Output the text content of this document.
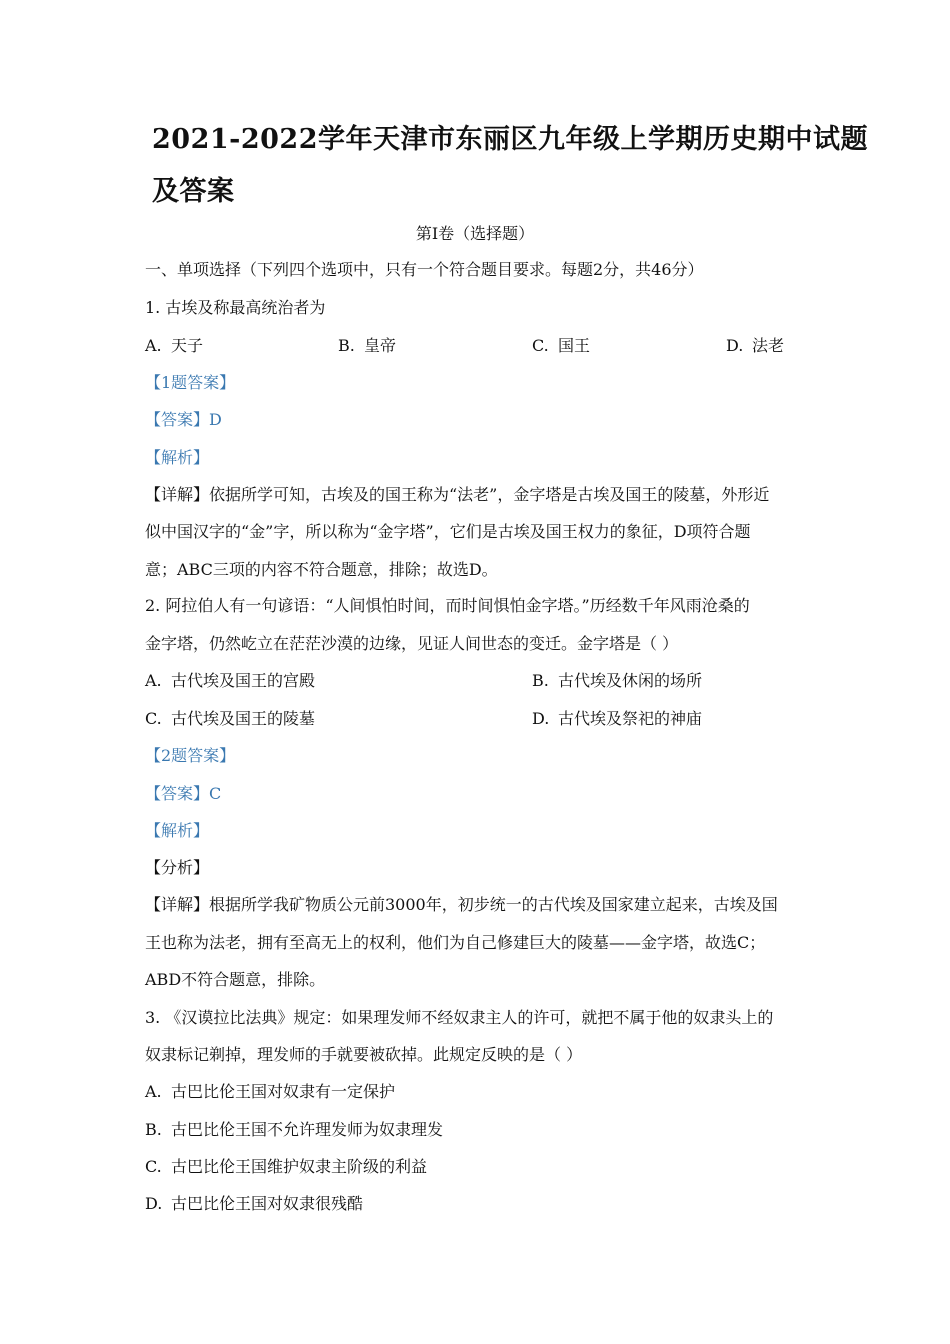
2021-2022学年天津市东丽区九年级上学期历史期中试题
及答案
第Ⅰ卷（选择题）
一、单项选择（下列四个选项中，只有一个符合题目要求。每题2分，共46分）
1. 古埃及称最高统治者为
A. 天子	B. 皇帝	C. 国王	D. 法老
【1题答案】
【答案】D
【解析】
【详解】依据所学可知，古埃及的国王称为“法老”，金字塔是古埃及国王的陵墓，外形近
似中国汉字的“金”字，所以称为“金字塔”，它们是古埃及国王权力的象征，D项符合题
意；ABC三项的内容不符合题意，排除；故选D。
2. 阿拉伯人有一句谚语：“人间惧怕时间，而时间惧怕金字塔。”历经数千年风雨沧桑的
金字塔，仍然屹立在茫茫沙漠的边缘，见证人间世态的变迁。金字塔是（ ）
A. 古代埃及国王的宫殿	B. 古代埃及休闲的场所
C. 古代埃及国王的陵墓	D. 古代埃及祭祀的神庙
【2题答案】
【答案】C
【解析】
【分析】
【详解】根据所学我矿物质公元前3000年，初步统一的古代埃及国家建立起来，古埃及国
王也称为法老，拥有至高无上的权利，他们为自己修建巨大的陵墓——金字塔，故选C；
ABD不符合题意，排除。
3. 《汉谟拉比法典》规定：如果理发师不经奴隶主人的许可，就把不属于他的奴隶头上的
奴隶标记剃掉，理发师的手就要被砍掉。此规定反映的是（ ）
A. 古巴比伦王国对奴隶有一定保护
B. 古巴比伦王国不允许理发师为奴隶理发
C. 古巴比伦王国维护奴隶主阶级的利益
D. 古巴比伦王国对奴隶很残酷
